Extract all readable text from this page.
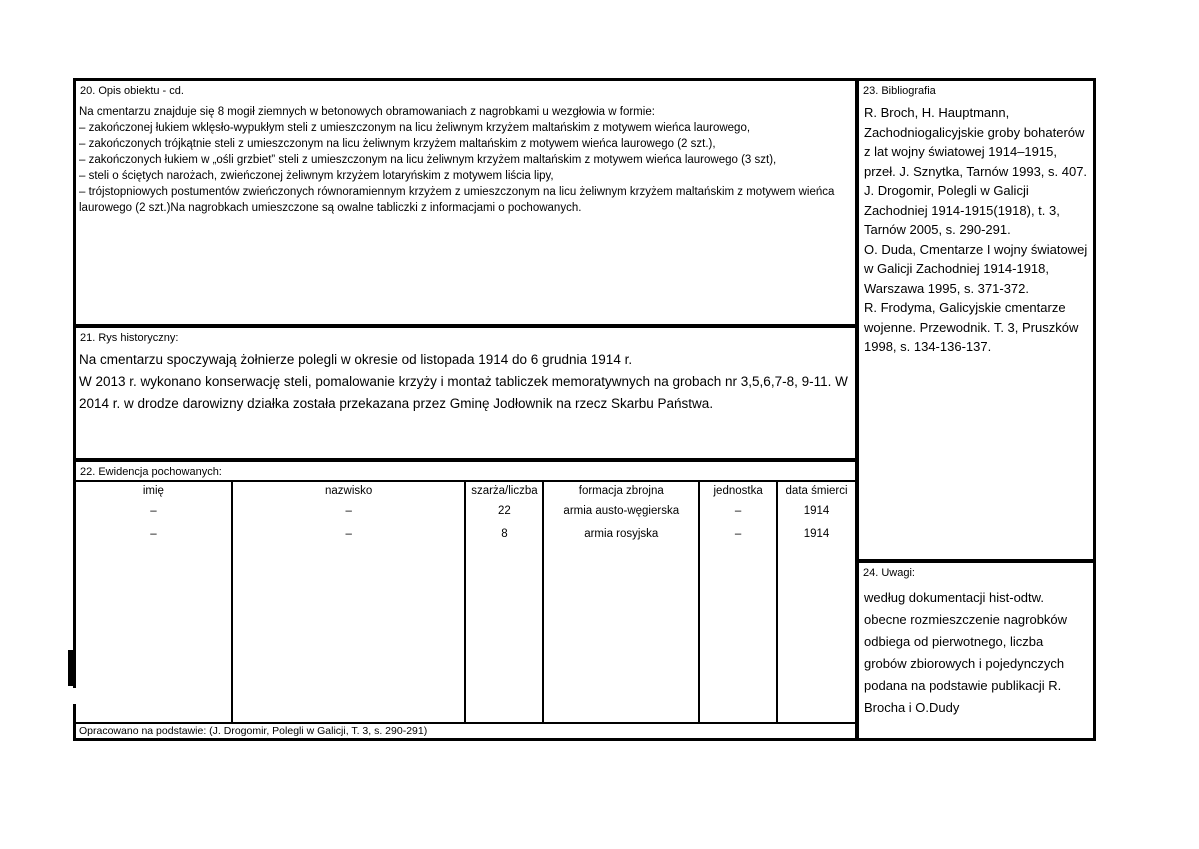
20. Opis obiektu - cd.
Na cmentarzu znajduje się 8 mogił ziemnych w betonowych obramowaniach z nagrobkami u wezgłowia w formie:
– zakończonej łukiem wklęsło-wypukłym steli z umieszczonym na licu żeliwnym krzyżem maltańskim z motywem wieńca laurowego,
– zakończonych trójkątnie steli z umieszczonym na licu żeliwnym krzyżem maltańskim z motywem wieńca laurowego (2 szt.),
– zakończonych łukiem w „ośli grzbiet” steli z umieszczonym na licu żeliwnym krzyżem maltańskim z motywem wieńca laurowego (3 szt),
– steli o ściętych narożach, zwieńczonej żeliwnym krzyżem lotaryńskim z motywem liścia lipy,
– trójstopniowych postumentów zwieńczonych równoramiennym krzyżem z umieszczonym na licu żeliwnym krzyżem maltańskim z motywem wieńca laurowego (2 szt.)Na nagrobkach umieszczone są owalne tabliczki z informacjami o pochowanych.
21. Rys historyczny:
Na cmentarzu spoczywają żołnierze polegli w okresie od listopada 1914 do 6 grudnia 1914 r.
W 2013 r. wykonano konserwację steli, pomalowanie krzyży i montaż tabliczek memoratywnych na grobach nr 3,5,6,7-8, 9-11. W 2014 r. w drodze darowizny działka została przekazana przez Gminę Jodłownik na rzecz Skarbu Państwa.
22. Ewidencja pochowanych:
imię	nazwisko	szarża/liczba	formacja zbrojna	jednostka	data śmierci
–	–	22	armia austo-węgierska	–	1914
–	–	8	armia rosyjska	–	1914

Opracowano na podstawie: (J. Drogomir, Polegli w Galicji, T. 3, s. 290-291)
23. Bibliografia
R. Broch, H. Hauptmann, Zachodniogalicyjskie groby bohaterów z lat wojny światowej 1914–1915, przeł. J. Sznytka, Tarnów 1993, s. 407.
J. Drogomir, Polegli w Galicji Zachodniej 1914-1915(1918), t. 3, Tarnów 2005, s. 290-291.
O. Duda, Cmentarze I wojny światowej w Galicji Zachodniej 1914-1918, Warszawa 1995, s. 371-372.
R. Frodyma, Galicyjskie cmentarze wojenne. Przewodnik. T. 3, Pruszków 1998, s. 134-136-137.
24. Uwagi:
według dokumentacji hist-odtw. obecne rozmieszczenie nagrobków odbiega od pierwotnego, liczba grobów zbiorowych i pojedynczych podana na podstawie publikacji R. Brocha i O.Dudy
